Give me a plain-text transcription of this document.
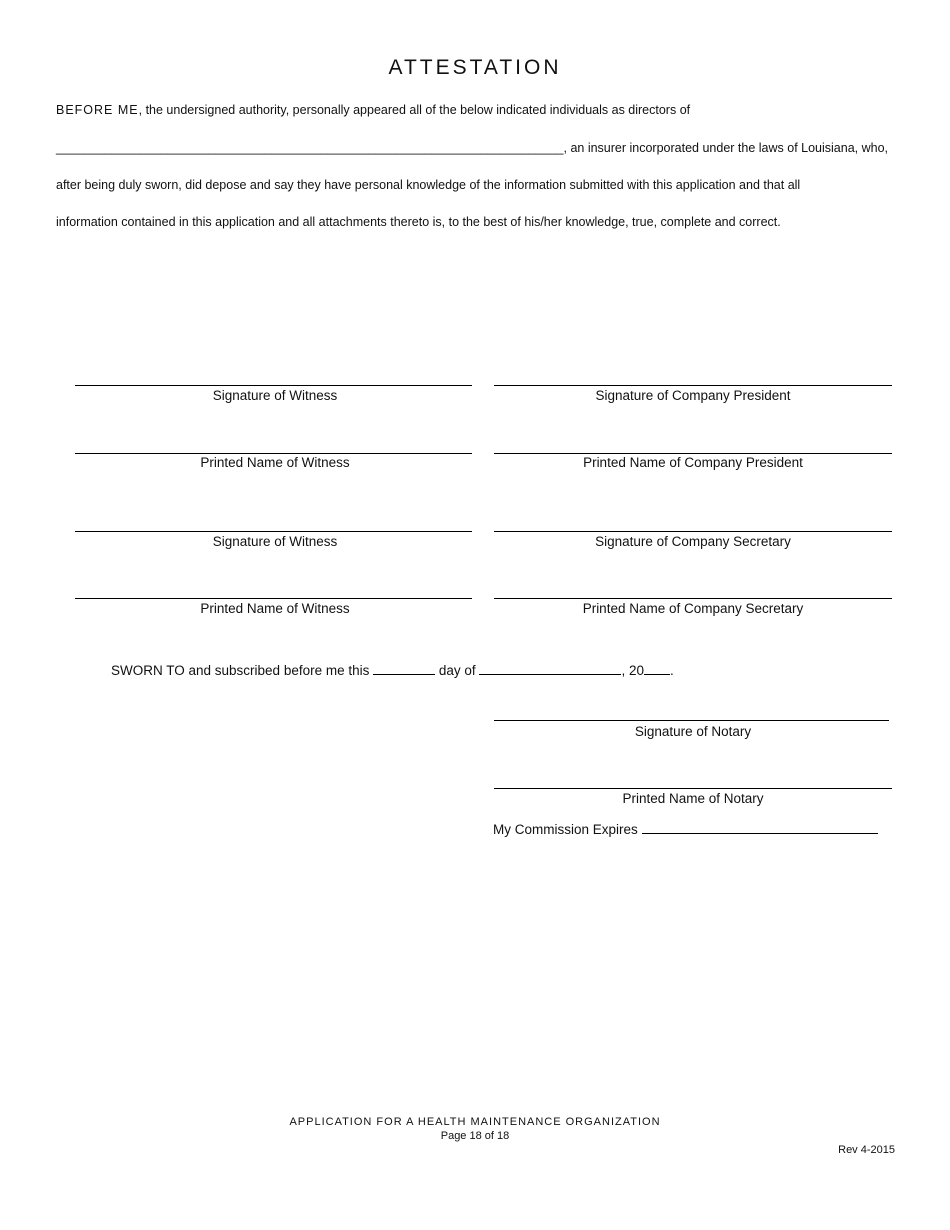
ATTESTATION
BEFORE ME, the undersigned authority, personally appeared all of the below indicated individuals as directors of
_________________________________________________________________________, an insurer incorporated under the laws of Louisiana, who,
after being duly sworn, did depose and say they have personal knowledge of the information submitted with this application and that all
information contained in this application and all attachments thereto is, to the best of his/her knowledge, true, complete and correct.
Signature of Witness
Printed Name of Witness
Signature of Witness
Printed Name of Witness
Signature of Company President
Printed Name of Company President
Signature of Company Secretary
Printed Name of Company Secretary
SWORN TO and subscribed before me this	day of	, 20 .
Signature of Notary
Printed Name of Notary
My Commission Expires
APPLICATION FOR A HEALTH MAINTENANCE ORGANIZATION
Page 18 of 18
Rev 4-2015
